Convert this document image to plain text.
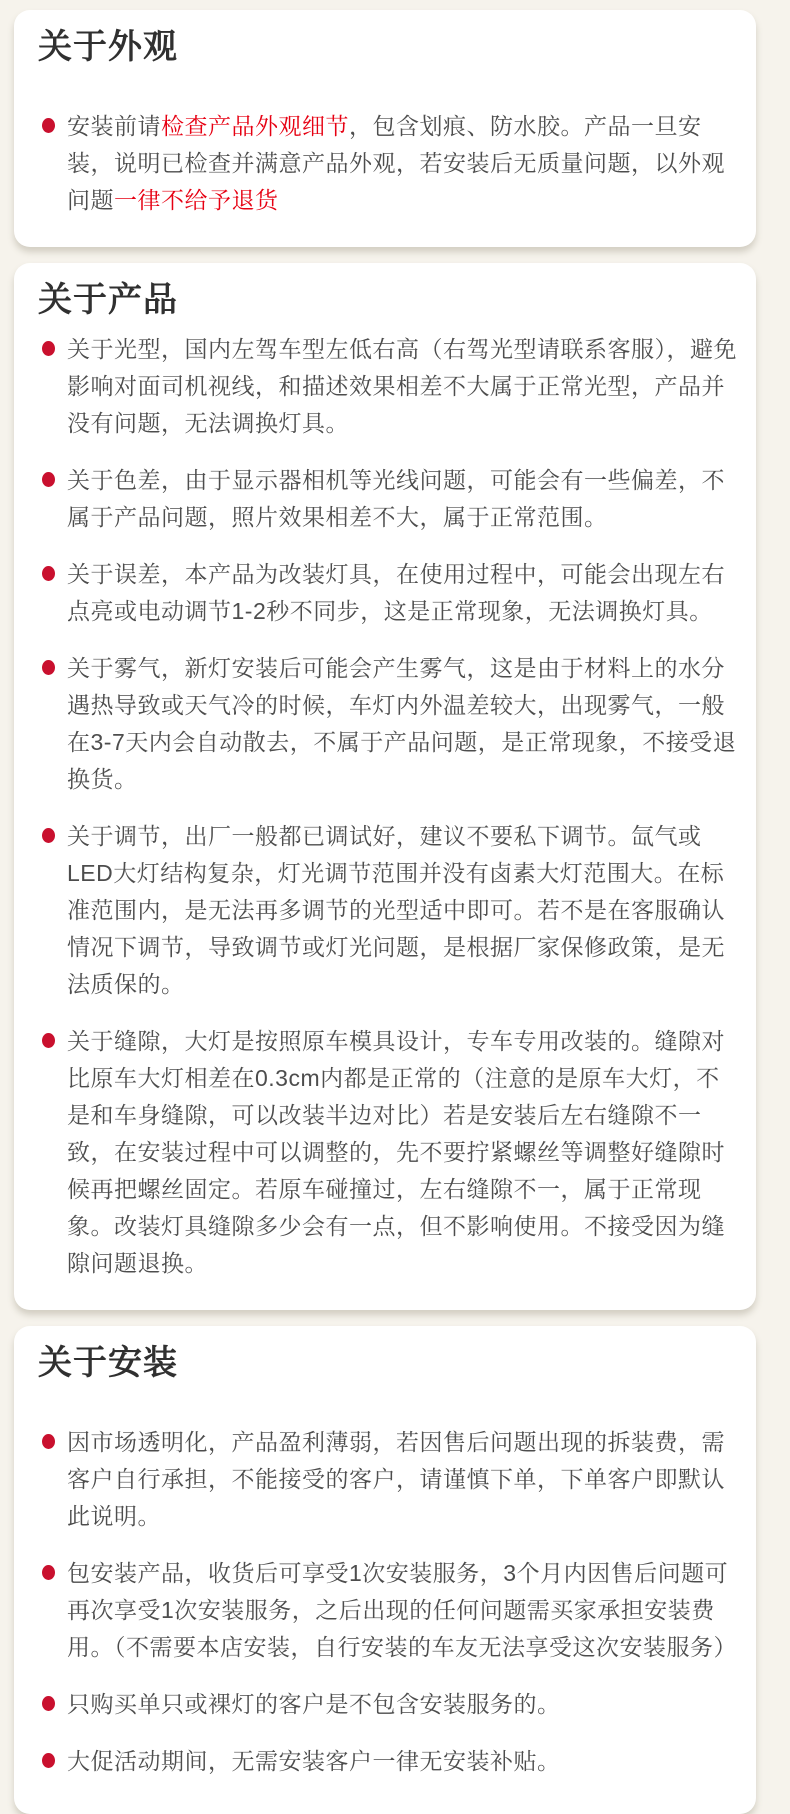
关于外观

安装前请检查产品外观细节，包含划痕、防水胶。产品一旦安装，说明已检查并满意产品外观，若安装后无质量问题，以外观问题一律不给予退货

关于产品

关于光型，国内左驾车型左低右高（右驾光型请联系客服），避免影响对面司机视线，和描述效果相差不大属于正常光型，产品并没有问题，无法调换灯具。

关于色差，由于显示器相机等光线问题，可能会有一些偏差，不属于产品问题，照片效果相差不大，属于正常范围。

关于误差，本产品为改装灯具，在使用过程中，可能会出现左右点亮或电动调节1-2秒不同步，这是正常现象，无法调换灯具。

关于雾气，新灯安装后可能会产生雾气，这是由于材料上的水分遇热导致或天气冷的时候，车灯内外温差较大，出现雾气，一般在3-7天内会自动散去，不属于产品问题，是正常现象，不接受退换货。

关于调节，出厂一般都已调试好，建议不要私下调节。氙气或LED大灯结构复杂，灯光调节范围并没有卤素大灯范围大。在标准范围内，是无法再多调节的光型适中即可。若不是在客服确认情况下调节，导致调节或灯光问题，是根据厂家保修政策，是无法质保的。

关于缝隙，大灯是按照原车模具设计，专车专用改装的。缝隙对比原车大灯相差在0.3cm内都是正常的（注意的是原车大灯，不是和车身缝隙，可以改装半边对比）若是安装后左右缝隙不一致，在安装过程中可以调整的，先不要拧紧螺丝等调整好缝隙时候再把螺丝固定。若原车碰撞过，左右缝隙不一，属于正常现象。改装灯具缝隙多少会有一点，但不影响使用。不接受因为缝隙问题退换。

关于安装

因市场透明化，产品盈利薄弱，若因售后问题出现的拆装费，需客户自行承担，不能接受的客户，请谨慎下单，下单客户即默认此说明。

包安装产品，收货后可享受1次安装服务，3个月内因售后问题可再次享受1次安装服务，之后出现的任何问题需买家承担安装费用。（不需要本店安装，自行安装的车友无法享受这次安装服务）

只购买单只或裸灯的客户是不包含安装服务的。

大促活动期间，无需安装客户一律无安装补贴。
